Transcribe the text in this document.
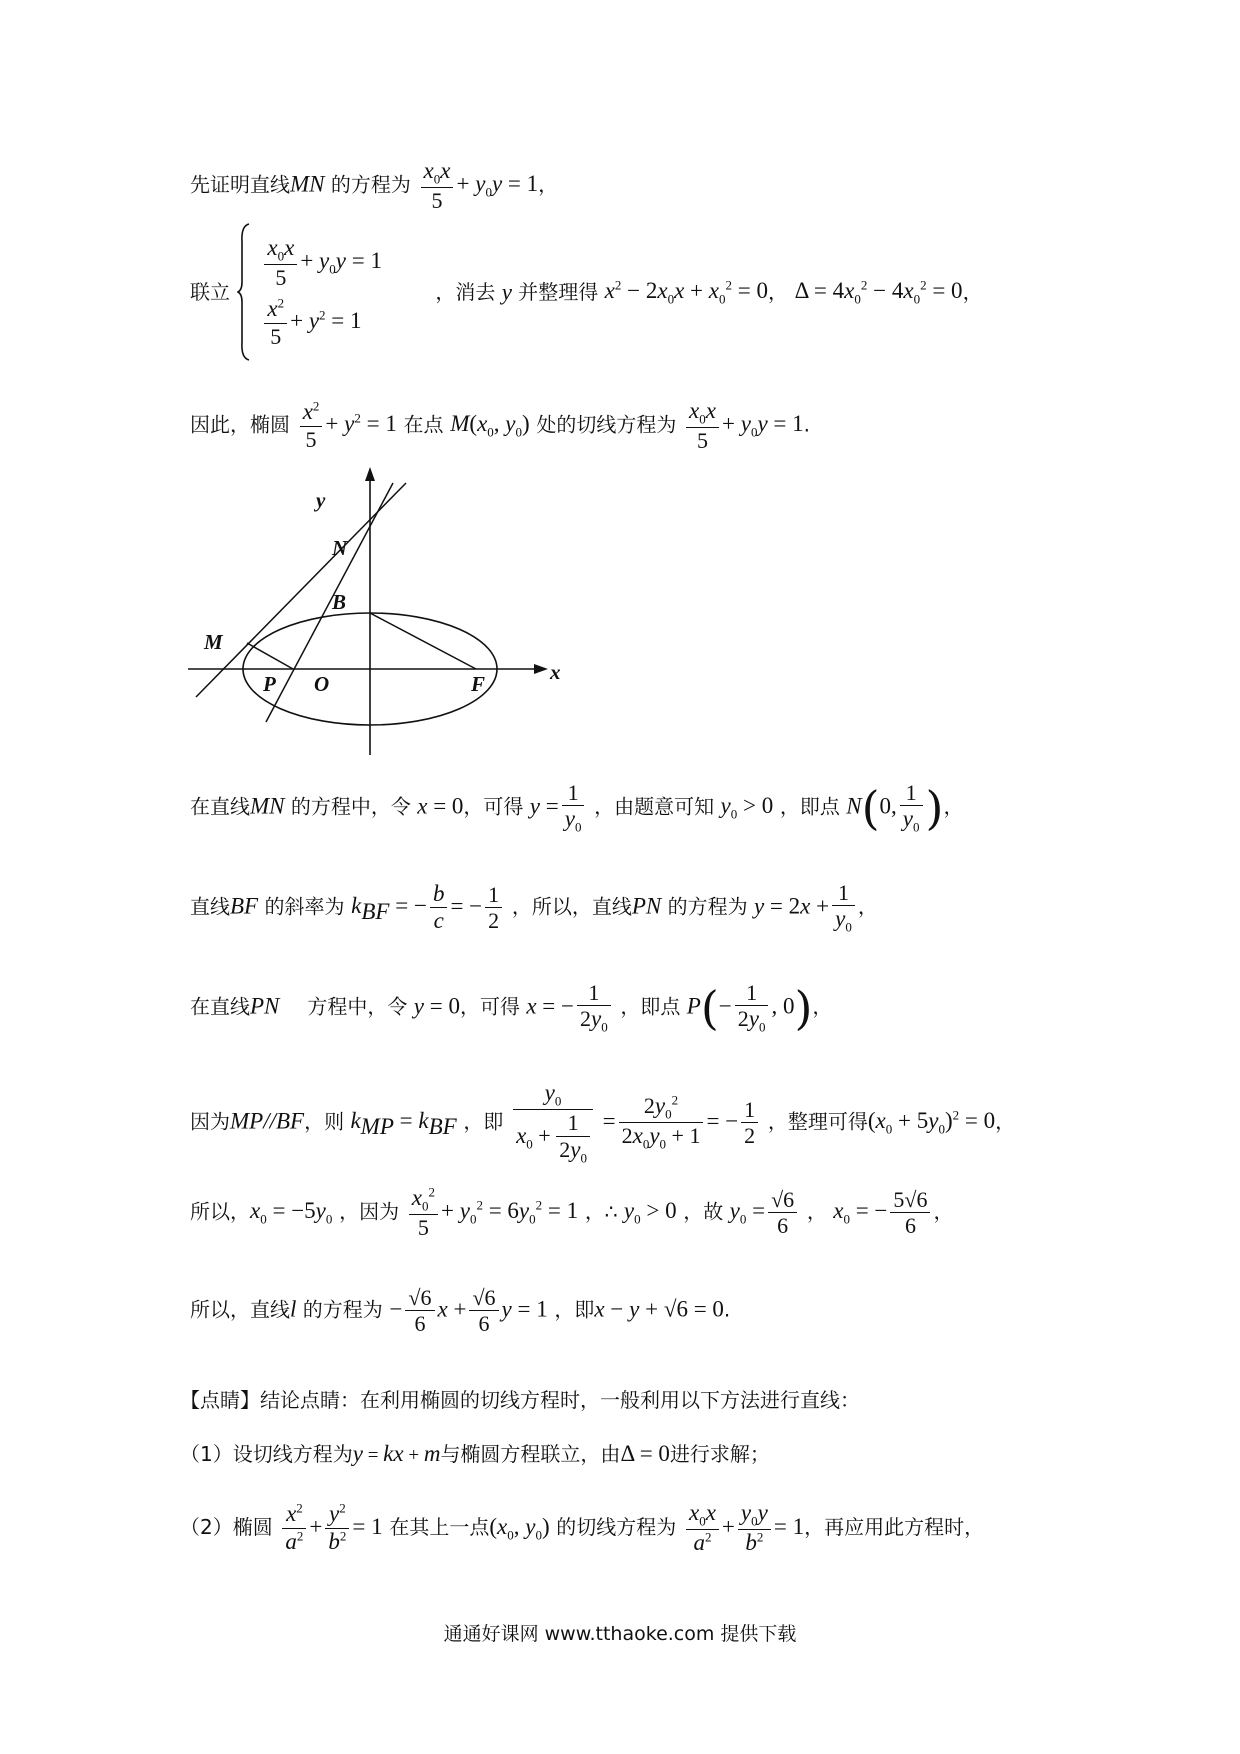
先证明直线MN 的方程为 $\frac{x_0x}{5} + y_0y = 1$，
联立
$\frac{x_0x}{5} + y_0y = 1$
$\frac{x^2}{5} + y^2 = 1$
，消去 y 并整理得 $x^2 - 2x_0x + x_0^2 = 0$， $\Delta = 4x_0^2 - 4x_0^2 = 0$，
因此，椭圆 $\frac{x^2}{5} + y^2 = 1$ 在点 $M(x_0$, $y_0$) 处的切线方程为 $\frac{x_0x}{5} + y_0y = 1$.
y
x
N
B
M
P O	F
在直线MN 的方程中，令 x = 0，可得 $y = \frac{1}{y_0}$ ，由题意可知 $y_0 > 0$ ，即点 N(0, $\frac{1}{y_0}$ )，
直线BF 的斜率为 $k_{BF}$ = − $\frac{b}{c}$ = − $\frac{1}{2}$ ，所以，直线PN 的方程为 $y = 2x + \frac{1}{y_0}$ ，
在直线PN 方程中，令 y = 0，可得 x = − $\frac{1}{2y_0}$ ，即点 $P(- \frac{1}{2y_0}$ , 0)，
因为MP//BF，则 $k_{MP} = k_{BF}$ ，即 $\frac{y_0}{x_0 + \frac{1}{2y_0}} = \frac{2y_0^2}{2x_0y_0 + 1}$ = − $\frac{1}{2}$ ，整理可得$(x_0 + 5y_0)^2 = 0$，
所以，$x_0 = -5y_0$ ，因为 $\frac{x_0^2}{5} + y_0^2 = 6y_0^2 = 1$ ，∴ $y_0 > 0$ ，故 $y_0 = \frac{√6}{6}$ ， $x_0$ = − $\frac{5√6}{6}$ ，
所以，直线l 的方程为 − $\frac{√6}{6}$ $x + \frac{√6}{6}$ y = 1 ，即x − y + √6 = 0.
【点睛】结论点睛：在利用椭圆的切线方程时，一般利用以下方法进行直线：
（1）设切线方程为y = kx + m与椭圆方程联立，由Δ = 0进行求解；
（2）椭圆 $\frac{x^2}{a^2} + \frac{y^2}{b^2} = 1$ 在其上一点($x_0$, $y_0$) 的切线方程为 $\frac{x_0x}{a^2} + \frac{y_0y}{b^2} = 1$，再应用此方程时，
通通好课网 www.tthaoke.com 提供下载
